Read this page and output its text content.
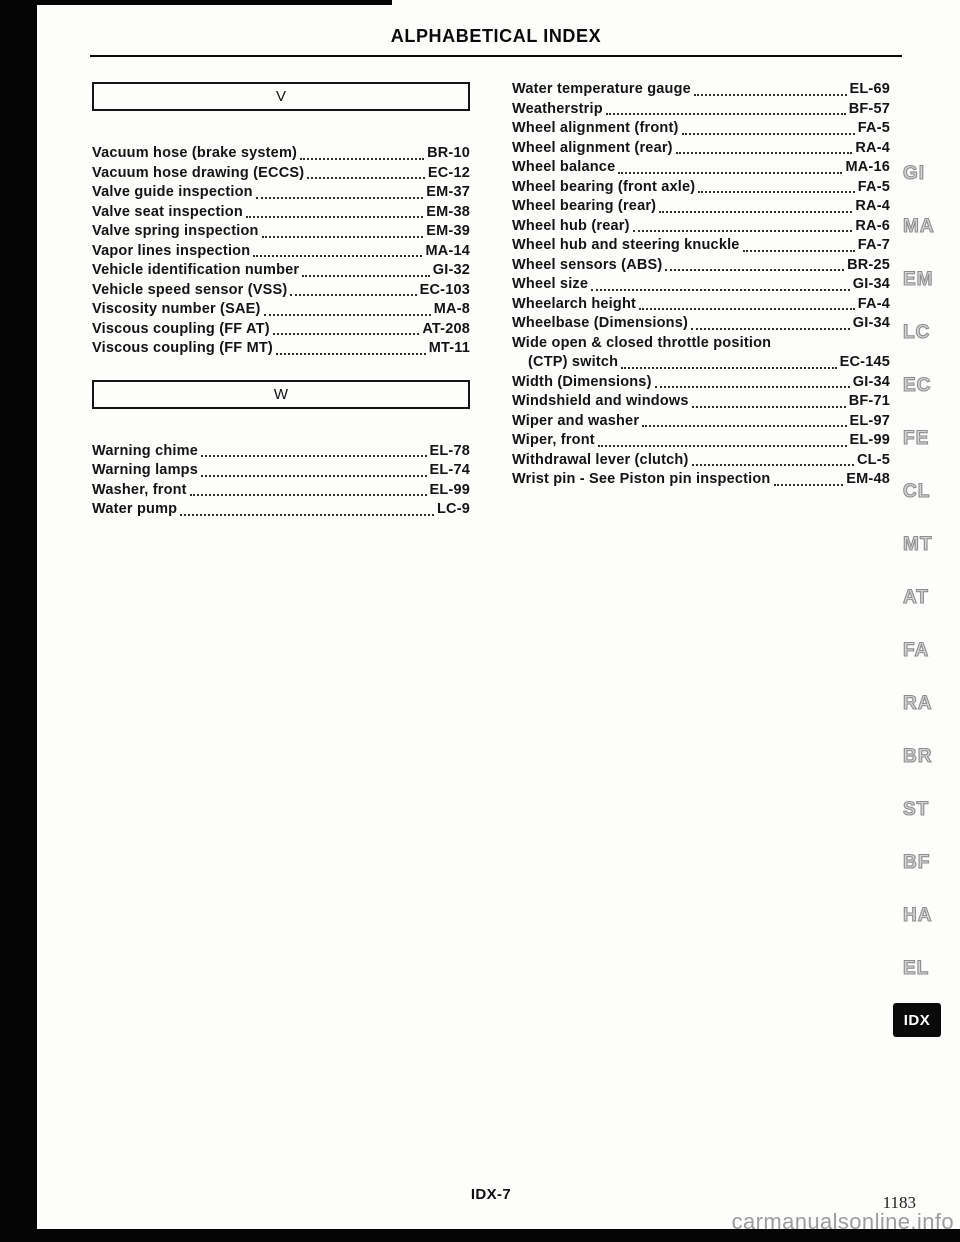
ALPHABETICAL INDEX
V
Vacuum hose (brake system)	BR-10
Vacuum hose drawing (ECCS)	EC-12
Valve guide inspection	EM-37
Valve seat inspection	EM-38
Valve spring inspection	EM-39
Vapor lines inspection	MA-14
Vehicle identification number	GI-32
Vehicle speed sensor (VSS)	EC-103
Viscosity number (SAE)	MA-8
Viscous coupling (FF AT)	AT-208
Viscous coupling (FF MT)	MT-11
W
Warning chime	EL-78
Warning lamps	EL-74
Washer, front	EL-99
Water pump	LC-9
Water temperature gauge	EL-69
Weatherstrip	BF-57
Wheel alignment (front)	FA-5
Wheel alignment (rear)	RA-4
Wheel balance	MA-16
Wheel bearing (front axle)	FA-5
Wheel bearing (rear)	RA-4
Wheel hub (rear)	RA-6
Wheel hub and steering knuckle	FA-7
Wheel sensors (ABS)	BR-25
Wheel size	GI-34
Wheelarch height	FA-4
Wheelbase (Dimensions)	GI-34
Wide open & closed throttle position
(CTP) switch	EC-145
Width (Dimensions)	GI-34
Windshield and windows	BF-71
Wiper and washer	EL-97
Wiper, front	EL-99
Withdrawal lever (clutch)	CL-5
Wrist pin - See Piston pin inspection	EM-48
GI
MA
EM
LC
EC
FE
CL
MT
AT
FA
RA
BR
ST
BF
HA
EL
IDX
IDX-7	1183
carmanualsonline.info
